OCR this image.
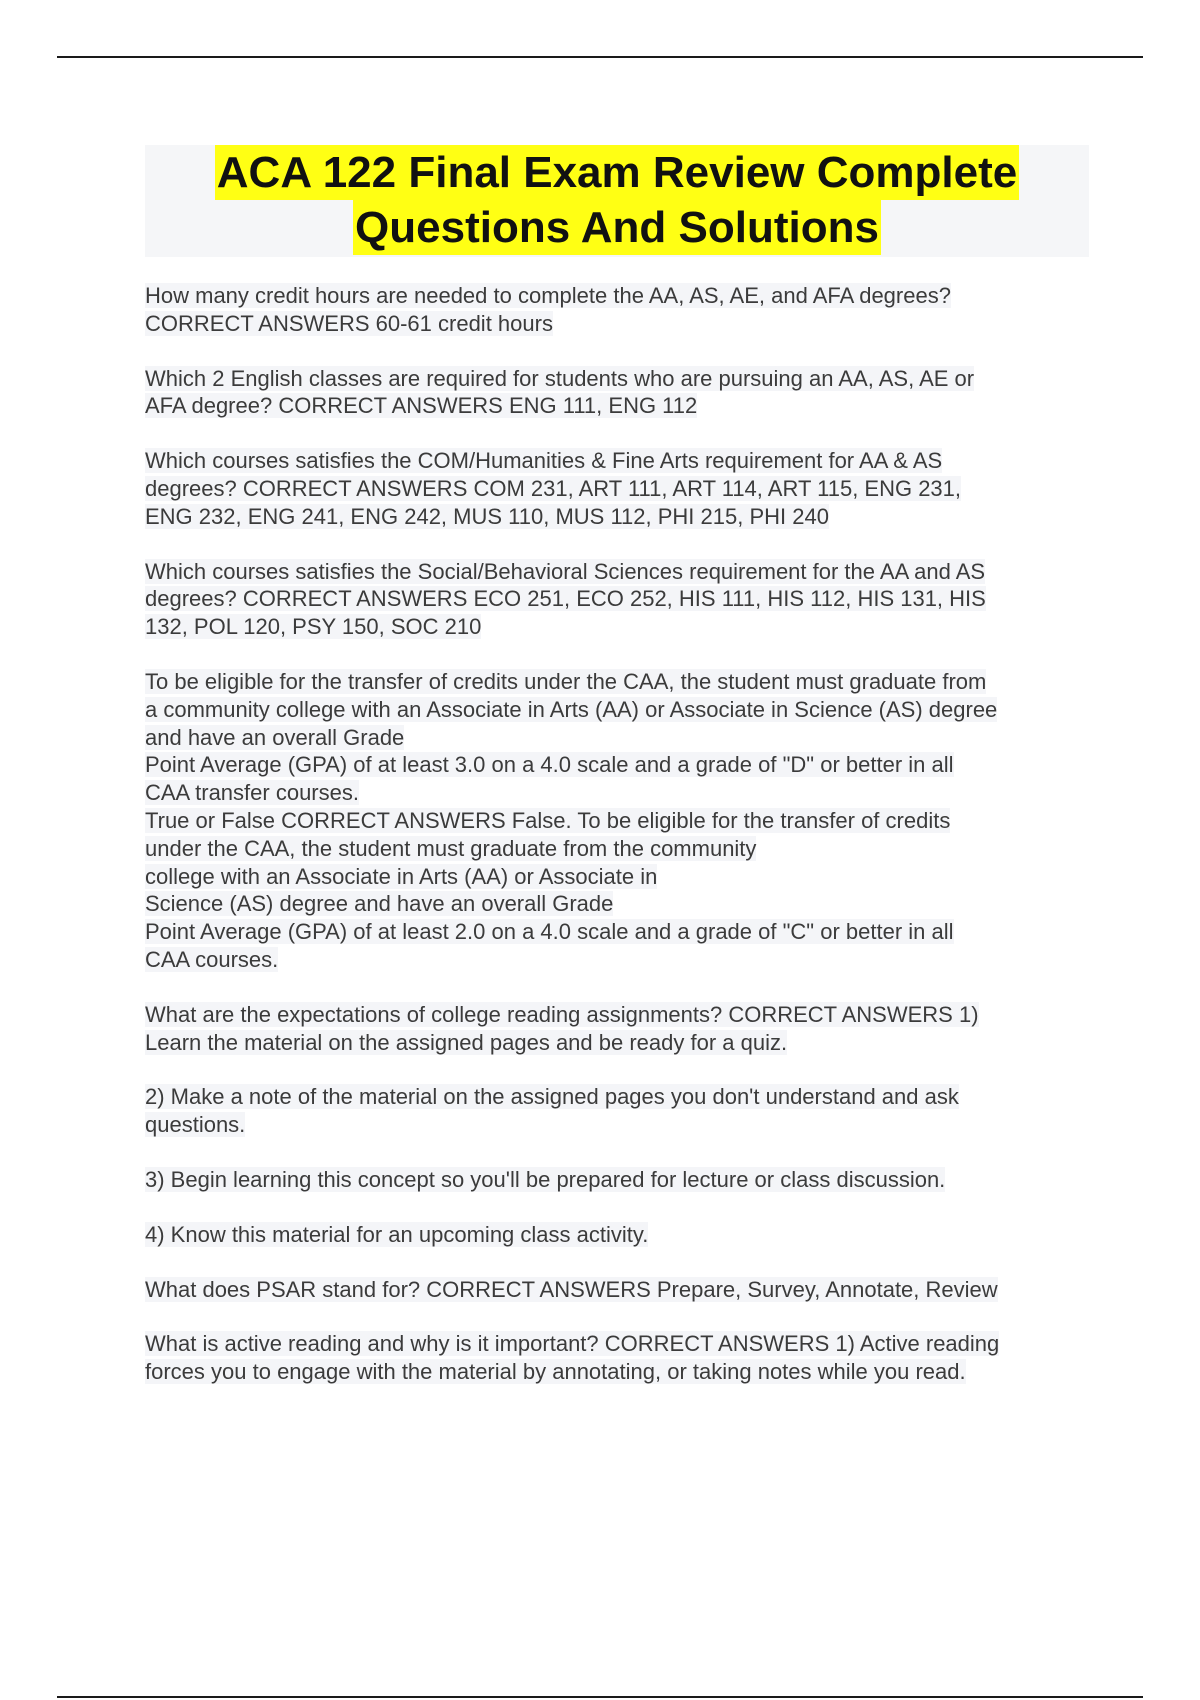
ACA 122 Final Exam Review Complete
Questions And Solutions
How many credit hours are needed to complete the AA, AS, AE, and AFA degrees?
CORRECT ANSWERS 60-61 credit hours
Which 2 English classes are required for students who are pursuing an AA, AS, AE or
AFA degree? CORRECT ANSWERS ENG 111, ENG 112
Which courses satisfies the COM/Humanities & Fine Arts requirement for AA & AS
degrees? CORRECT ANSWERS COM 231, ART 111, ART 114, ART 115, ENG 231,
ENG 232, ENG 241, ENG 242, MUS 110, MUS 112, PHI 215, PHI 240
Which courses satisfies the Social/Behavioral Sciences requirement for the AA and AS
degrees? CORRECT ANSWERS ECO 251, ECO 252, HIS 111, HIS 112, HIS 131, HIS
132, POL 120, PSY 150, SOC 210
To be eligible for the transfer of credits under the CAA, the student must graduate from
a community college with an Associate in Arts (AA) or Associate in Science (AS) degree
and have an overall Grade
Point Average (GPA) of at least 3.0 on a 4.0 scale and a grade of "D" or better in all
CAA transfer courses.
True or False CORRECT ANSWERS False. To be eligible for the transfer of credits
under the CAA, the student must graduate from the community
college with an Associate in Arts (AA) or Associate in
Science (AS) degree and have an overall Grade
Point Average (GPA) of at least 2.0 on a 4.0 scale and a grade of "C" or better in all
CAA courses.
What are the expectations of college reading assignments? CORRECT ANSWERS 1)
Learn the material on the assigned pages and be ready for a quiz.
2) Make a note of the material on the assigned pages you don't understand and ask
questions.
3) Begin learning this concept so you'll be prepared for lecture or class discussion.
4) Know this material for an upcoming class activity.
What does PSAR stand for? CORRECT ANSWERS Prepare, Survey, Annotate, Review
What is active reading and why is it important? CORRECT ANSWERS 1) Active reading
forces you to engage with the material by annotating, or taking notes while you read.
